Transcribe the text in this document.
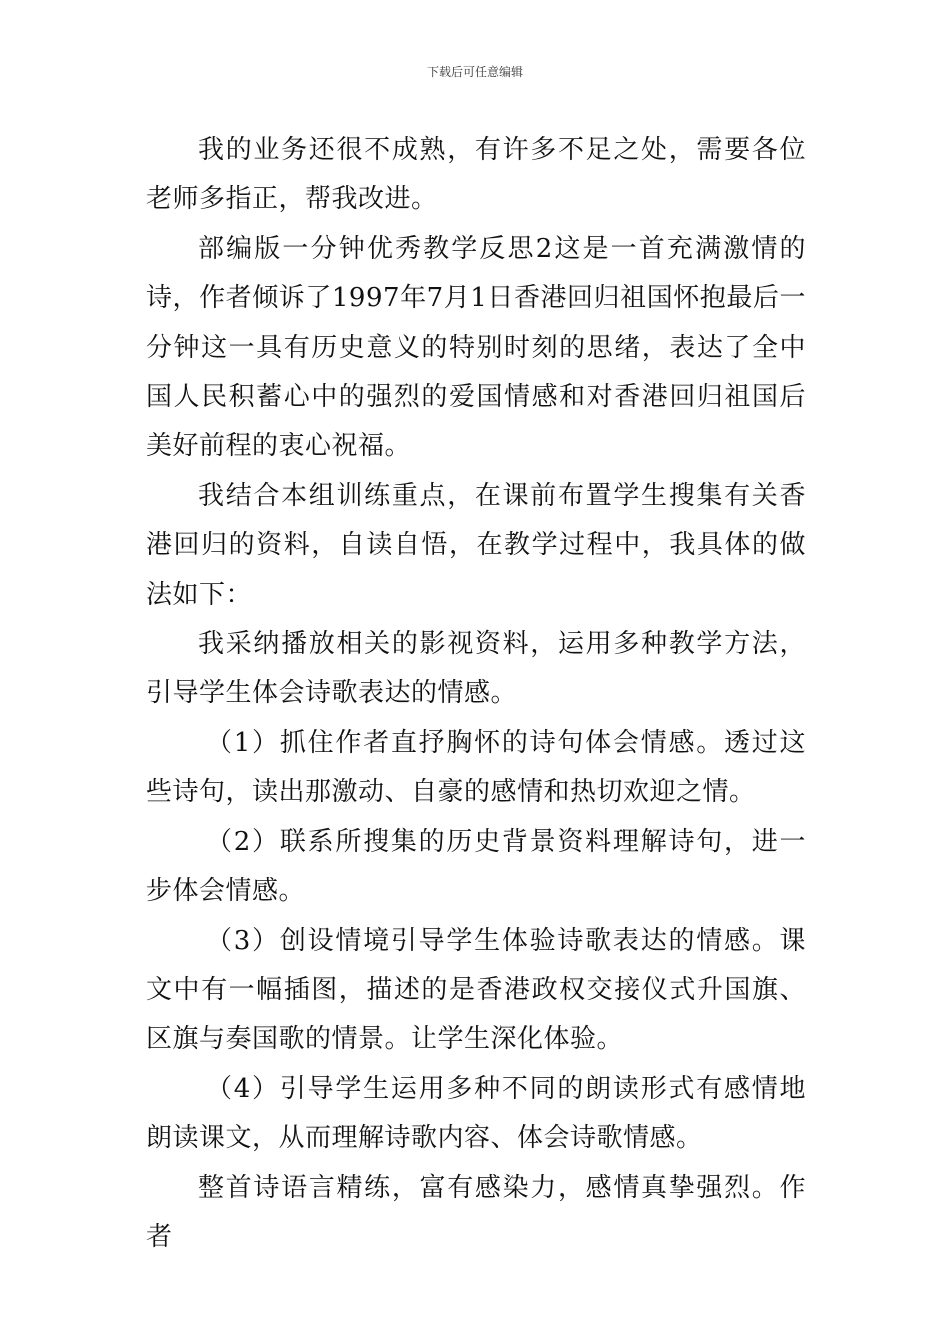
下载后可任意编辑

我的业务还很不成熟，有许多不足之处，需要各位老师多指正，帮我改进。

部编版一分钟优秀教学反思2这是一首充满激情的诗，作者倾诉了1997年7月1日香港回归祖国怀抱最后一分钟这一具有历史意义的特别时刻的思绪，表达了全中国人民积蓄心中的强烈的爱国情感和对香港回归祖国后美好前程的衷心祝福。

我结合本组训练重点，在课前布置学生搜集有关香港回归的资料，自读自悟，在教学过程中，我具体的做法如下：

我采纳播放相关的影视资料，运用多种教学方法，引导学生体会诗歌表达的情感。

（1）抓住作者直抒胸怀的诗句体会情感。透过这些诗句，读出那激动、自豪的感情和热切欢迎之情。

（2）联系所搜集的历史背景资料理解诗句，进一步体会情感。

（3）创设情境引导学生体验诗歌表达的情感。课文中有一幅插图，描述的是香港政权交接仪式升国旗、区旗与奏国歌的情景。让学生深化体验。

（4）引导学生运用多种不同的朗读形式有感情地朗读课文，从而理解诗歌内容、体会诗歌情感。

整首诗语言精练，富有感染力，感情真挚强烈。作者
